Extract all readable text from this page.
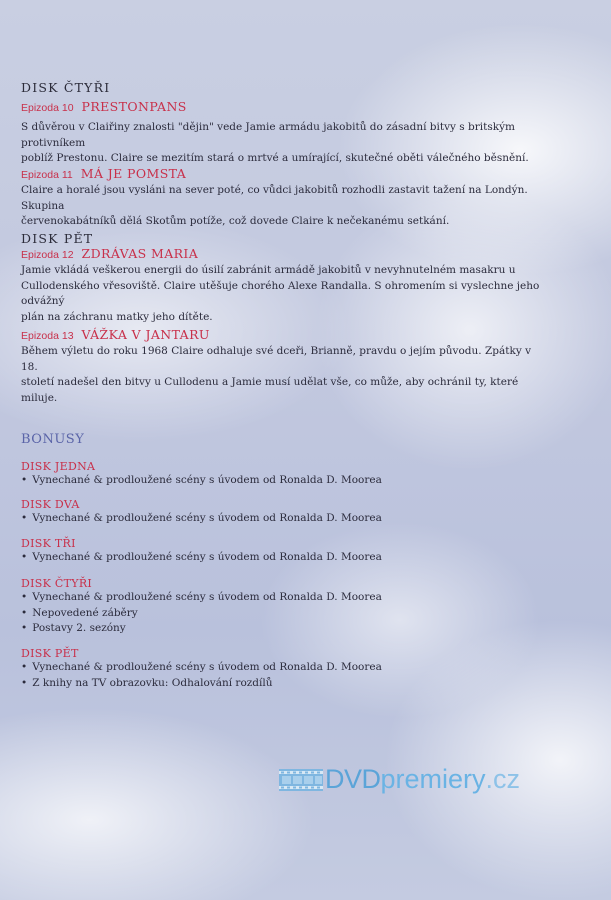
DISK ČTYŘI
Epizoda 10 PRESTONPANS
S důvěrou v Claiřiny znalosti "dějin" vede Jamie armádu jakobitů do zásadní bitvy s britským protivníkem
poblíž Prestonu. Claire se mezitím stará o mrtvé a umírající, skutečné oběti válečného běsnění.
Epizoda 11 MÁ JE POMSTA
Claire a horalé jsou vysláni na sever poté, co vůdci jakobitů rozhodli zastavit tažení na Londýn. Skupina
červenokabátníků dělá Skotům potíže, což dovede Claire k nečekanému setkání.
DISK PĚT
Epizoda 12 ZDRÁVAS MARIA
Jamie vkládá veškerou energii do úsilí zabránit armádě jakobitů v nevyhnutelném masakru u
Cullodenského vřesoviště. Claire utěšuje chorého Alexe Randalla. S ohromením si vyslechne jeho odvážný
plán na záchranu matky jeho dítěte.
Epizoda 13 VÁŽKA V JANTARU
Během výletu do roku 1968 Claire odhaluje své dceři, Brianně, pravdu o jejím původu. Zpátky v 18.
století nadešel den bitvy u Cullodenu a Jamie musí udělat vše, co může, aby ochránil ty, které miluje.
BONUSY
DISK JEDNA
• Vynechané & prodloužené scény s úvodem od Ronalda D. Moorea
DISK DVA
• Vynechané & prodloužené scény s úvodem od Ronalda D. Moorea
DISK TŘI
• Vynechané & prodloužené scény s úvodem od Ronalda D. Moorea
DISK ČTYŘI
• Vynechané & prodloužené scény s úvodem od Ronalda D. Moorea
• Nepovedené záběry
• Postavy 2. sezóny
DISK PĚT
• Vynechané & prodloužené scény s úvodem od Ronalda D. Moorea
• Z knihy na TV obrazovku: Odhalování rozdílů
DVD premiery .cz
